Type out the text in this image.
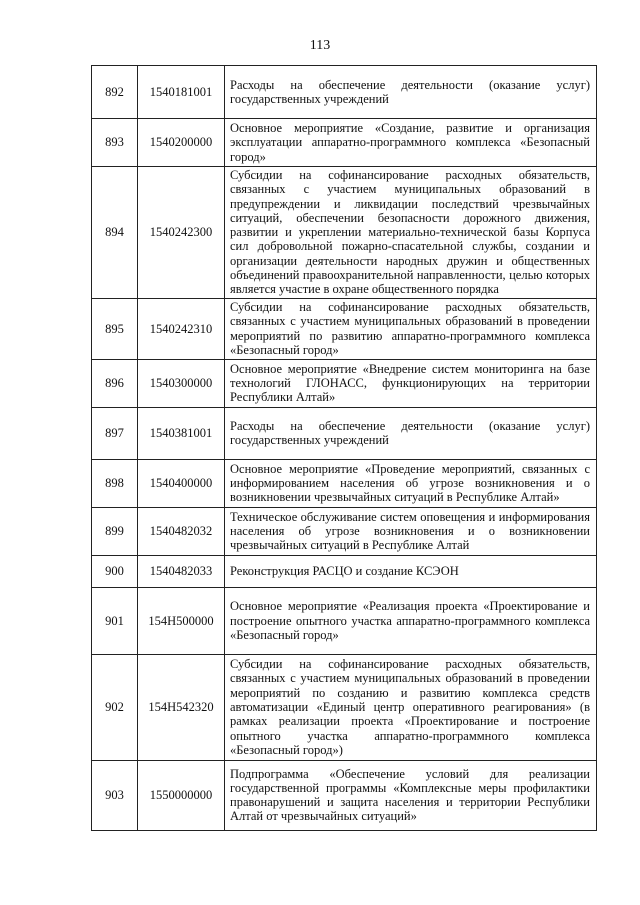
113
892	1540181001	Расходы на обеспечение деятельности (оказание услуг) государственных учреждений
893	1540200000	Основное мероприятие «Создание, развитие и организация эксплуатации аппаратно-программного комплекса «Безопасный город»
894	1540242300	Субсидии на софинансирование расходных обязательств, связанных с участием муниципальных образований в предупреждении и ликвидации последствий чрезвычайных ситуаций, обеспечении безопасности дорожного движения, развитии и укреплении материально-технической базы Корпуса сил добровольной пожарно-спасательной службы, создании и организации деятельности народных дружин и общественных объединений правоохранительной направленности, целью которых является участие в охране общественного порядка
895	1540242310	Субсидии на софинансирование расходных обязательств, связанных с участием муниципальных образований в проведении мероприятий по развитию аппаратно-программного комплекса «Безопасный город»
896	1540300000	Основное мероприятие «Внедрение систем мониторинга на базе технологий ГЛОНАСС, функционирующих на территории Республики Алтай»
897	1540381001	Расходы на обеспечение деятельности (оказание услуг) государственных учреждений
898	1540400000	Основное мероприятие «Проведение мероприятий, связанных с информированием населения об угрозе возникновения и о возникновении чрезвычайных ситуаций в Республике Алтай»
899	1540482032	Техническое обслуживание систем оповещения и информирования населения об угрозе возникновения и о возникновении чрезвычайных ситуаций в Республике Алтай
900	1540482033	Реконструкция РАСЦО и создание КСЭОН
901	154Н500000	Основное мероприятие «Реализация проекта «Проектирование и построение опытного участка аппаратно-программного комплекса «Безопасный город»
902	154Н542320	Субсидии на софинансирование расходных обязательств, связанных с участием муниципальных образований в проведении мероприятий по созданию и развитию комплекса средств автоматизации «Единый центр оперативного реагирования» (в рамках реализации проекта «Проектирование и построение опытного участка аппаратно-программного комплекса «Безопасный город»)
903	1550000000	Подпрограмма «Обеспечение условий для реализации государственной программы «Комплексные меры профилактики правонарушений и защита населения и территории Республики Алтай от чрезвычайных ситуаций»
